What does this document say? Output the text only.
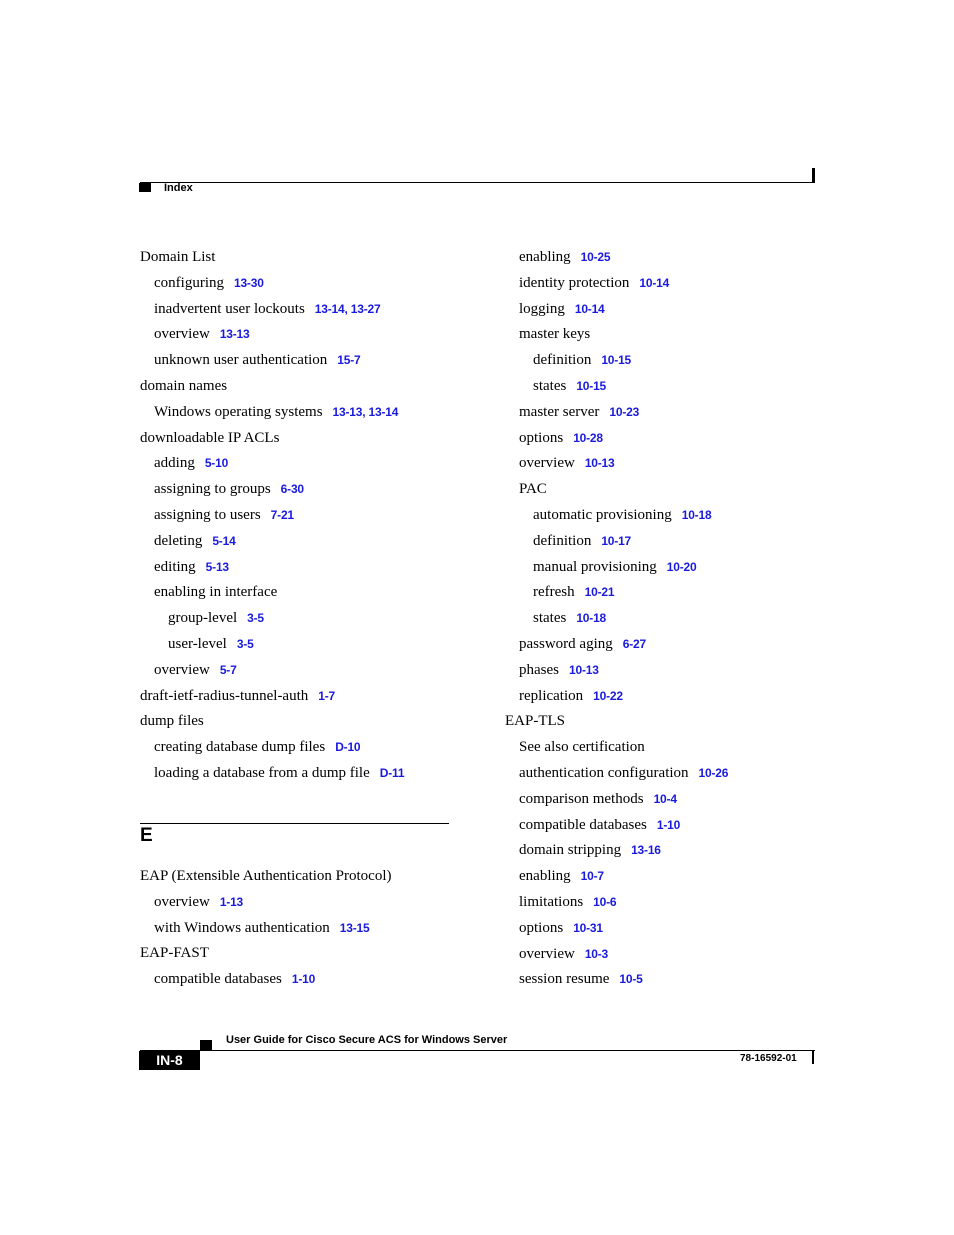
Index
Domain List
configuring 13-30
inadvertent user lockouts 13-14, 13-27
overview 13-13
unknown user authentication 15-7
domain names
Windows operating systems 13-13, 13-14
downloadable IP ACLs
adding 5-10
assigning to groups 6-30
assigning to users 7-21
deleting 5-14
editing 5-13
enabling in interface
group-level 3-5
user-level 3-5
overview 5-7
draft-ietf-radius-tunnel-auth 1-7
dump files
creating database dump files D-10
loading a database from a dump file D-11
E
EAP (Extensible Authentication Protocol)
overview 1-13
with Windows authentication 13-15
EAP-FAST
compatible databases 1-10
enabling 10-25
identity protection 10-14
logging 10-14
master keys
definition 10-15
states 10-15
master server 10-23
options 10-28
overview 10-13
PAC
automatic provisioning 10-18
definition 10-17
manual provisioning 10-20
refresh 10-21
states 10-18
password aging 6-27
phases 10-13
replication 10-22
EAP-TLS
See also certification
authentication configuration 10-26
comparison methods 10-4
compatible databases 1-10
domain stripping 13-16
enabling 10-7
limitations 10-6
options 10-31
overview 10-3
session resume 10-5
User Guide for Cisco Secure ACS for Windows Server
IN-8	78-16592-01
